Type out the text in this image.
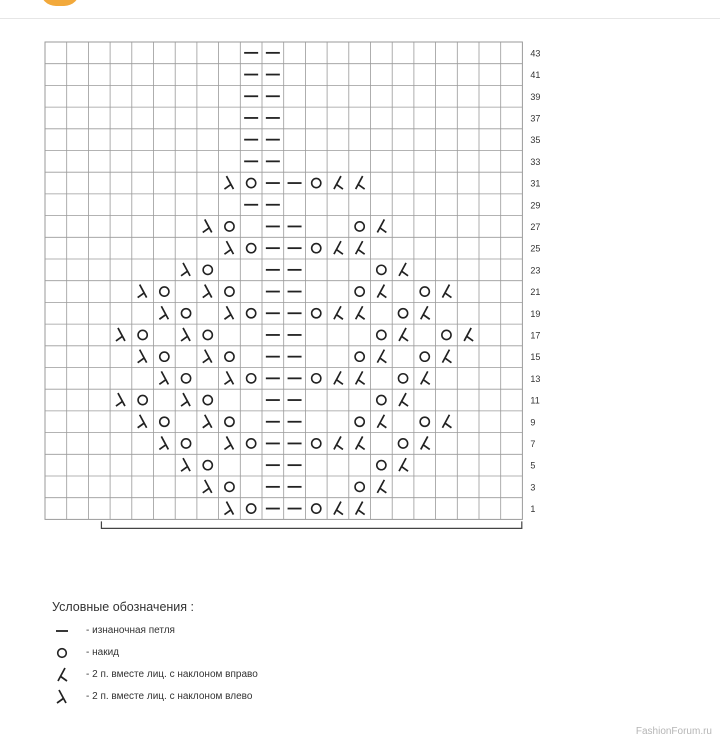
43
41
39
37
35
33
31
29
27
25
23
21
19
17
15
13
11
9
7
5
3
1
Условные обозначения :
- изнаночная петля
- накид
- 2 п. вместе лиц. с наклоном вправо
- 2 п. вместе лиц. с наклоном влево
FashionForum.ru
